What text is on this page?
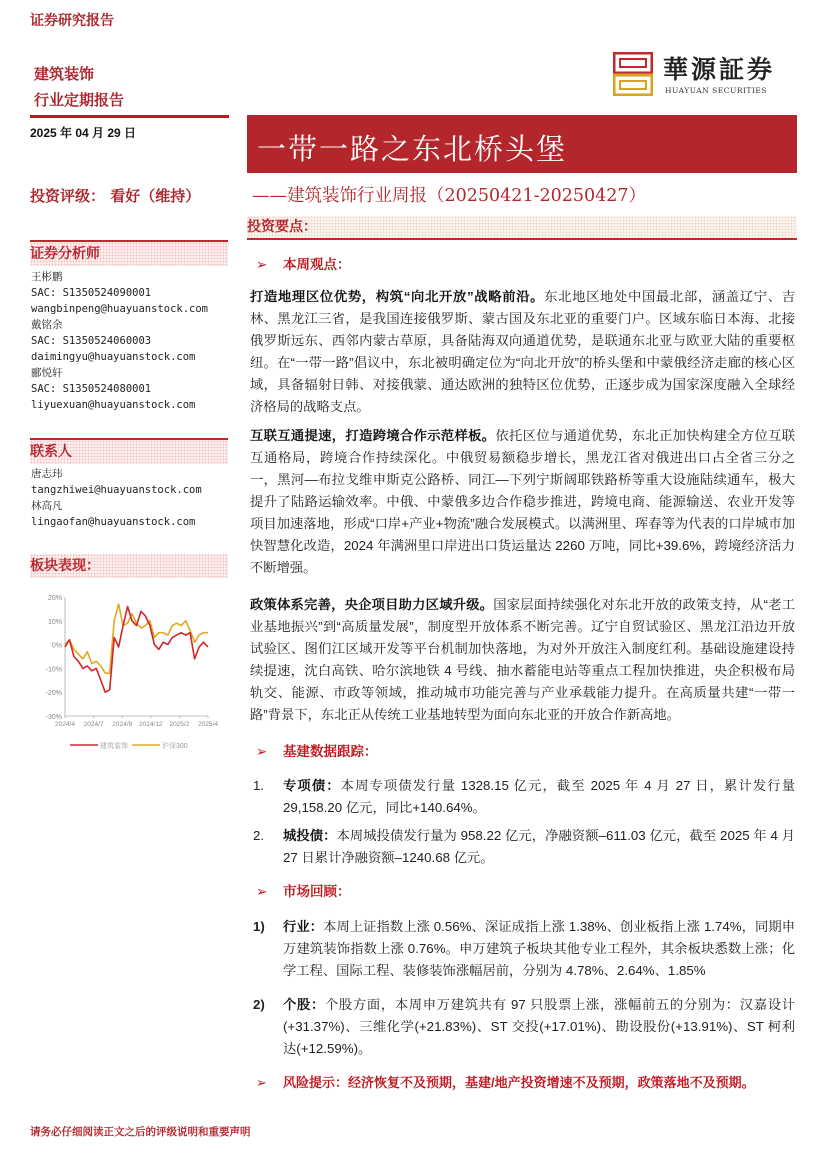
证券研究报告
建筑装饰
行业定期报告
2025 年 04 月 29 日
投资评级： 看好（维持）
证券分析师
王彬鹏
SAC: S1350524090001
wangbinpeng@huayuanstock.com
戴铭余
SAC: S1350524060003
daimingyu@huayuanstock.com
郦悦轩
SAC: S1350524080001
liyuexuan@huayuanstock.com
联系人
唐志玮
tangzhiwei@huayuanstock.com
林高凡
lingaofan@huayuanstock.com
板块表现：
20%
10%
0%
-10%
-20%
-30%
2024/4 2024/7 2024/9 2024/12 2025/2 2025/4
建筑装饰	沪深300
華源証券
HUAYUAN SECURITIES
一带一路之东北桥头堡
——建筑装饰行业周报（20250421-20250427）
投资要点：
➢ 本周观点：
打造地理区位优势，构筑“向北开放”战略前沿。东北地区地处中国最北部，涵盖辽宁、吉林、黑龙江三省，是我国连接俄罗斯、蒙古国及东北亚的重要门户。区域东临日本海、北接俄罗斯远东、西邻内蒙古草原，具备陆海双向通道优势，是联通东北亚与欧亚大陆的重要枢纽。在“一带一路”倡议中，东北被明确定位为“向北开放”的桥头堡和中蒙俄经济走廊的核心区域，具备辐射日韩、对接俄蒙、通达欧洲的独特区位优势，正逐步成为国家深度融入全球经济格局的战略支点。
互联互通提速，打造跨境合作示范样板。依托区位与通道优势，东北正加快构建全方位互联互通格局，跨境合作持续深化。中俄贸易额稳步增长，黑龙江省对俄进出口占全省三分之一，黑河—布拉戈维申斯克公路桥、同江—下列宁斯阔耶铁路桥等重大设施陆续通车，极大提升了陆路运输效率。中俄、中蒙俄多边合作稳步推进，跨境电商、能源输送、农业开发等项目加速落地，形成“口岸+产业+物流”融合发展模式。以满洲里、珲春等为代表的口岸城市加快智慧化改造，2024 年满洲里口岸进出口货运量达 2260 万吨，同比+39.6%，跨境经济活力不断增强。
政策体系完善，央企项目助力区域升级。国家层面持续强化对东北开放的政策支持，从“老工业基地振兴”到“高质量发展”，制度型开放体系不断完善。辽宁自贸试验区、黑龙江沿边开放试验区、图们江区域开发等平台机制加快落地，为对外开放注入制度红利。基础设施建设持续提速，沈白高铁、哈尔滨地铁 4 号线、抽水蓄能电站等重点工程加快推进，央企积极布局轨交、能源、市政等领域，推动城市功能完善与产业承载能力提升。在高质量共建“一带一路”背景下，东北正从传统工业基地转型为面向东北亚的开放合作新高地。
➢ 基建数据跟踪：
1. 专项债：本周专项债发行量 1328.15 亿元，截至 2025 年 4 月 27 日，累计发行量 29,158.20 亿元，同比+140.64%。
2. 城投债：本周城投债发行量为 958.22 亿元，净融资额–611.03 亿元，截至 2025 年 4 月 27 日累计净融资额–1240.68 亿元。
➢ 市场回顾：
1) 行业：本周上证指数上涨 0.56%、深证成指上涨 1.38%、创业板指上涨 1.74%，同期申万建筑装饰指数上涨 0.76%。申万建筑子板块其他专业工程外，其余板块悉数上涨；化学工程、国际工程、装修装饰涨幅居前，分别为 4.78%、2.64%、1.85%
2) 个股：个股方面，本周申万建筑共有 97 只股票上涨，涨幅前五的分别为：汉嘉设计(+31.37%)、三维化学(+21.83%)、ST 交投(+17.01%)、勘设股份(+13.91%)、ST 柯利达(+12.59%)。
➢ 风险提示：经济恢复不及预期，基建/地产投资增速不及预期，政策落地不及预期。
请务必仔细阅读正文之后的评级说明和重要声明
